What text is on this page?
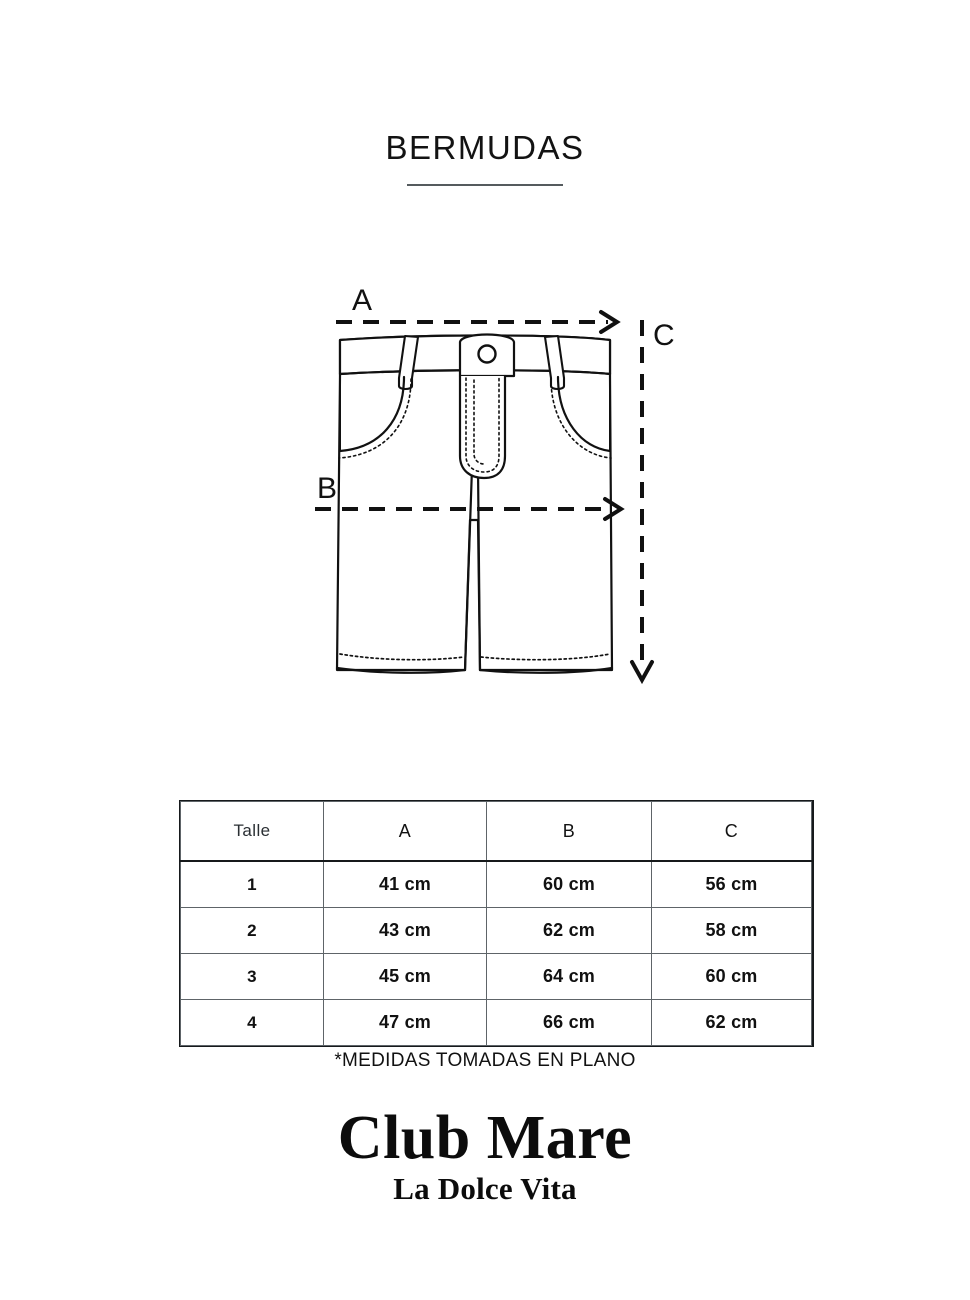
BERMUDAS
A
B
C
Talle	A	B	C
1	41 cm	60 cm	56 cm
2	43 cm	62 cm	58 cm
3	45 cm	64 cm	60 cm
4	47 cm	66 cm	62 cm
*MEDIDAS TOMADAS EN PLANO
Club Mare
La Dolce Vita
